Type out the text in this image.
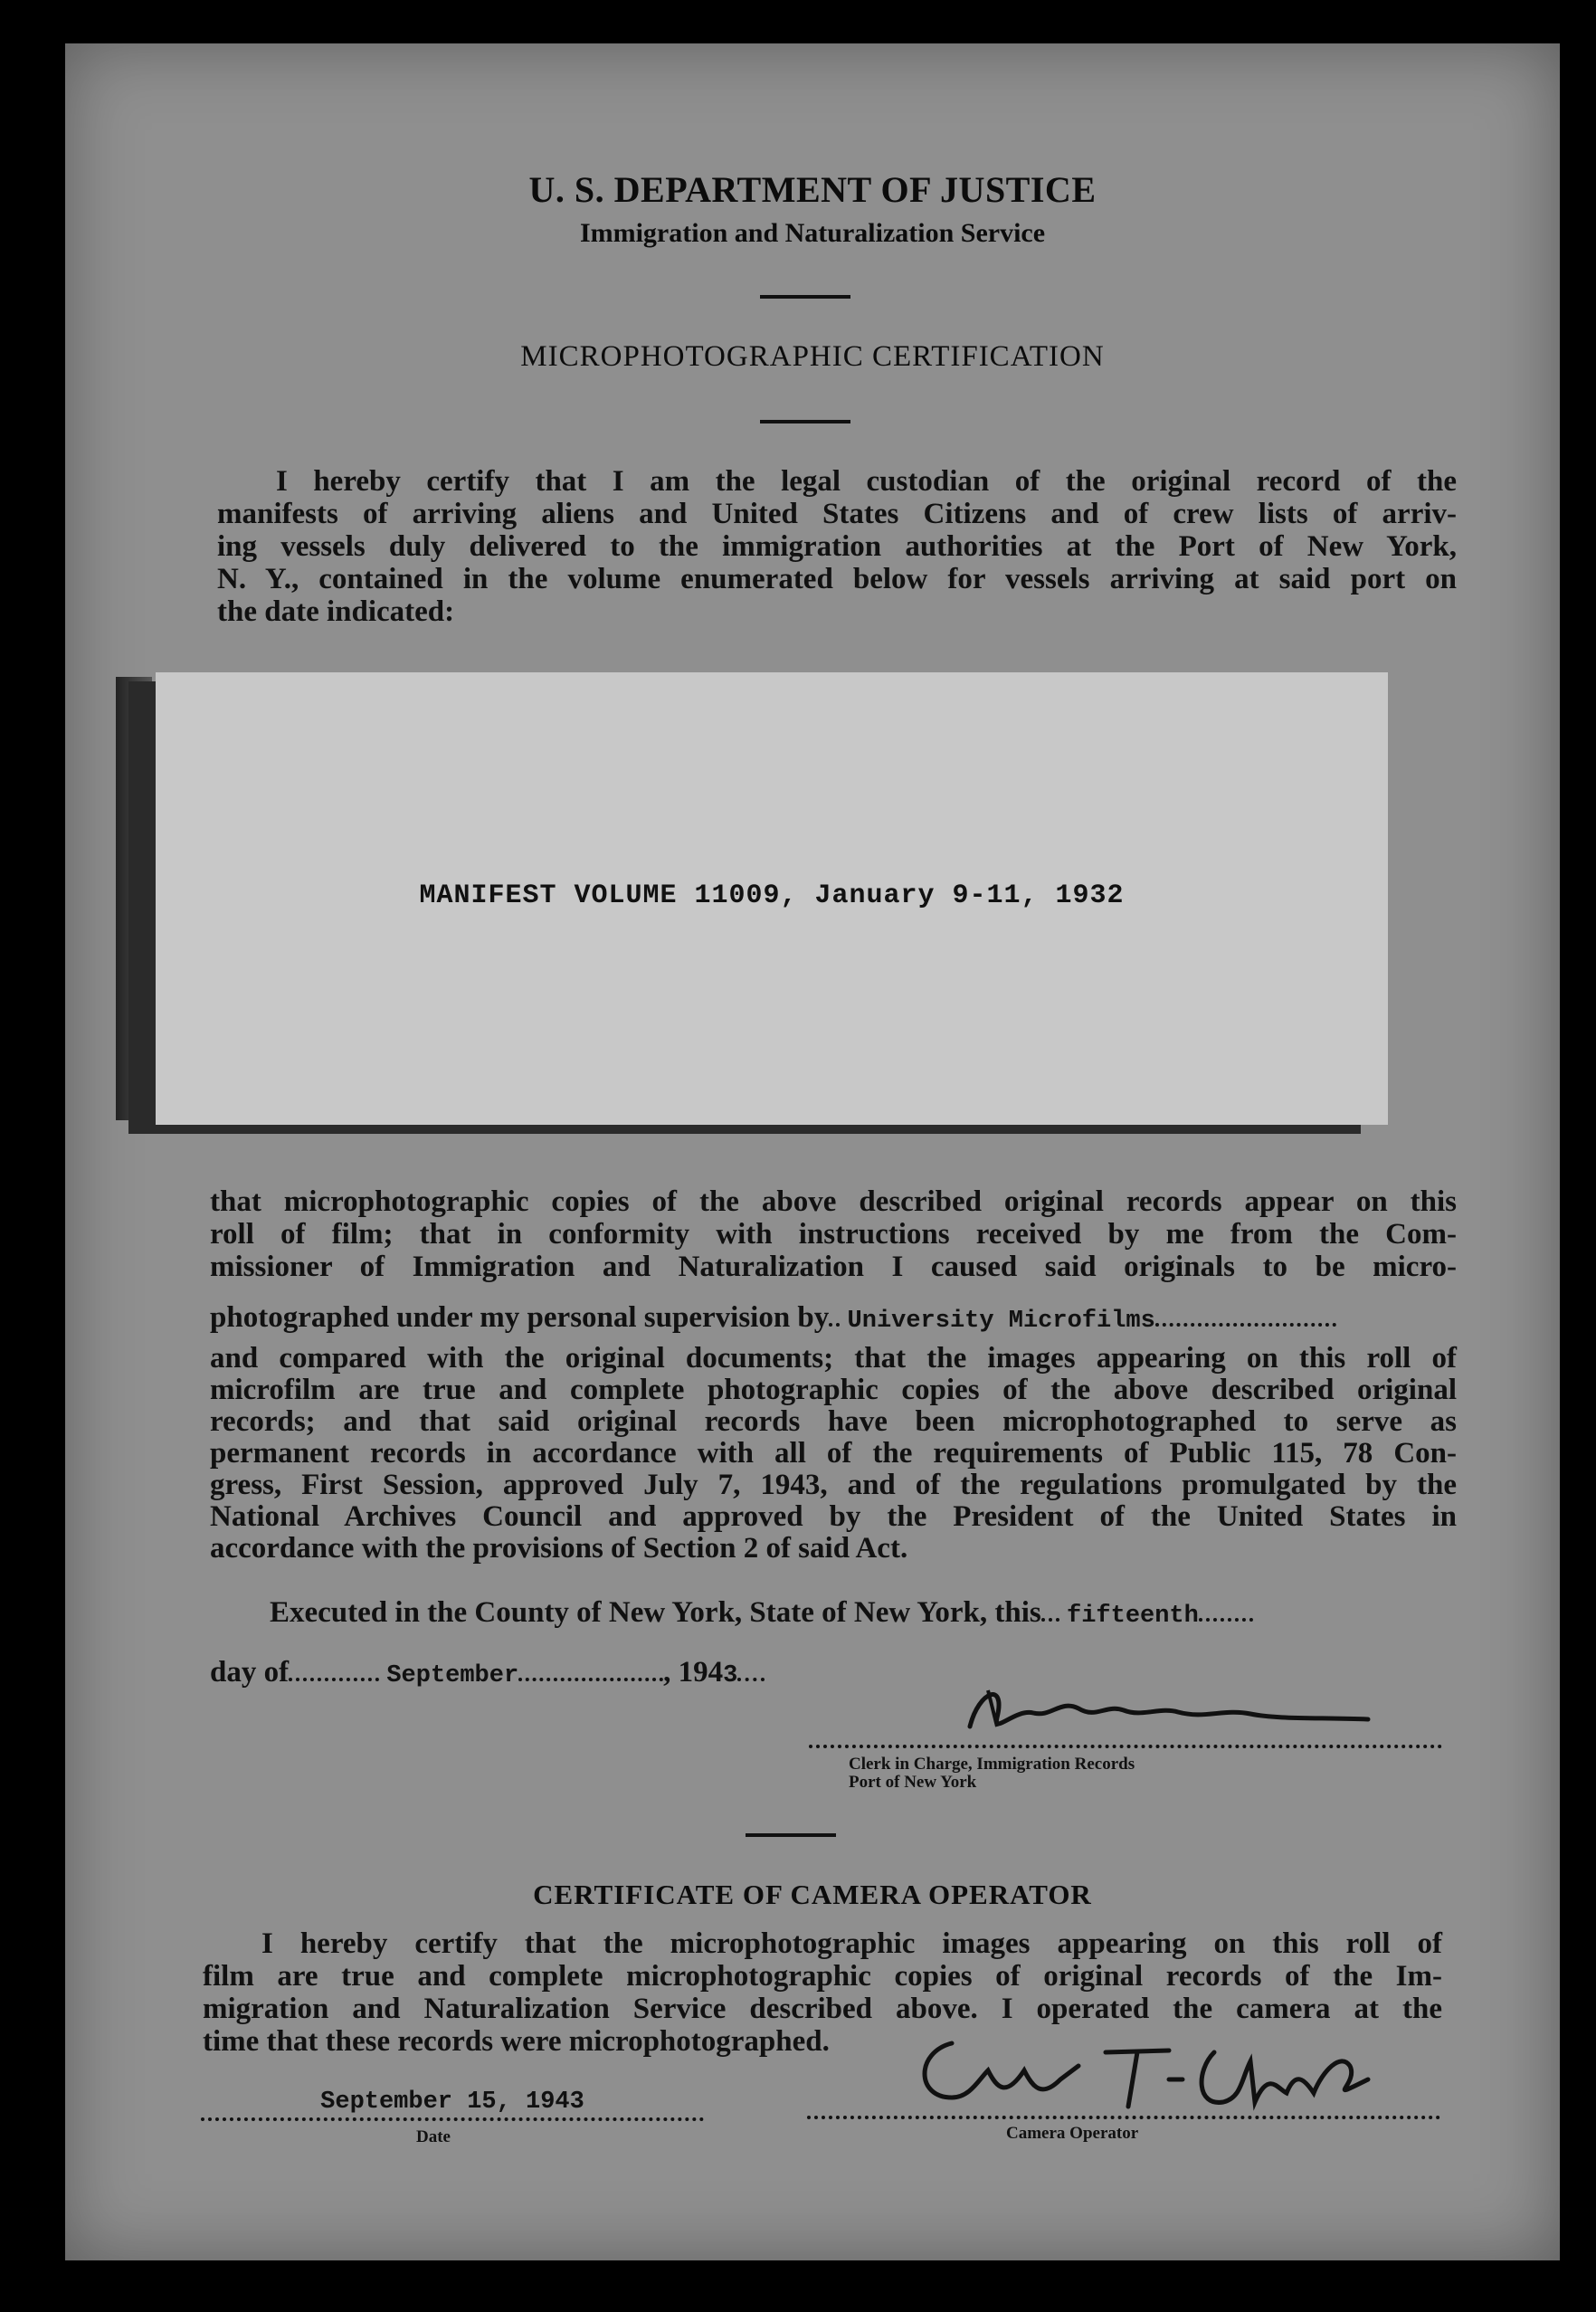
U. S. DEPARTMENT OF JUSTICE
Immigration and Naturalization Service
MICROPHOTOGRAPHIC CERTIFICATION
I hereby certify that I am the legal custodian of the original record of the
manifests of arriving aliens and United States Citizens and of crew lists of arriv-
ing vessels duly delivered to the immigration authorities at the Port of New York,
N. Y., contained in the volume enumerated below for vessels arriving at said port on
the date indicated:
MANIFEST VOLUME 11009, January 9-11, 1932
that microphotographic copies of the above described original records appear on this
roll of film; that in conformity with instructions received by me from the Com-
missioner of Immigration and Naturalization I caused said originals to be micro-
photographed under my personal supervision by University Microfilms
and compared with the original documents; that the images appearing on this roll of
microfilm are true and complete photographic copies of the above described original
records; and that said original records have been microphotographed to serve as
permanent records in accordance with all of the requirements of Public 115, 78 Con-
gress, First Session, approved July 7, 1943, and of the regulations promulgated by the
National Archives Council and approved by the President of the United States in
accordance with the provisions of Section 2 of said Act.
Executed in the County of New York, State of New York, this fifteenth
day of	September	, 1943
Clerk in Charge, Immigration Records
Port of New York
CERTIFICATE OF CAMERA OPERATOR
I hereby certify that the microphotographic images appearing on this roll of
film are true and complete microphotographic copies of original records of the Im-
migration and Naturalization Service described above. I operated the camera at the
time that these records were microphotographed.
September 15, 1943
Date	Camera Operator
